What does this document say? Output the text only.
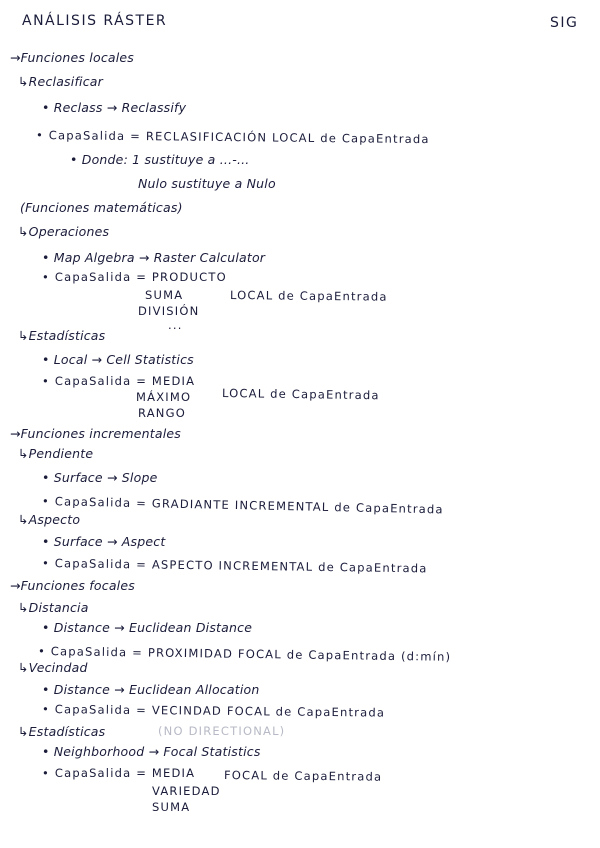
ANÁLISIS RÁSTER	SIG
→Funciones locales
↳Reclasificar
• Reclass → Reclassify
• CapaSalida = RECLASIFICACIÓN LOCAL de CapaEntrada
• Donde: 1 sustituye a ...-...
Nulo sustituye a Nulo
(Funciones matemáticas)
↳Operaciones
• Map Algebra → Raster Calculator
• CapaSalida = PRODUCTO
LOCAL de CapaEntrada
SUMA
DIVISIÓN
...
↳Estadísticas
• Local → Cell Statistics
• CapaSalida = MEDIA
LOCAL de CapaEntrada
MÁXIMO
RANGO
→Funciones incrementales
↳Pendiente
• Surface → Slope
• CapaSalida = GRADIANTE INCREMENTAL de CapaEntrada
↳Aspecto
• Surface → Aspect
• CapaSalida = ASPECTO INCREMENTAL de CapaEntrada
→Funciones focales
↳Distancia
• Distance → Euclidean Distance
• CapaSalida = PROXIMIDAD FOCAL de CapaEntrada (d:mín)
↳Vecindad
• Distance → Euclidean Allocation
• CapaSalida = VECINDAD FOCAL de CapaEntrada
↳Estadísticas	(NO DIRECTIONAL)
• Neighborhood → Focal Statistics
• CapaSalida = MEDIA FOCAL de CapaEntrada
VARIEDAD
SUMA
